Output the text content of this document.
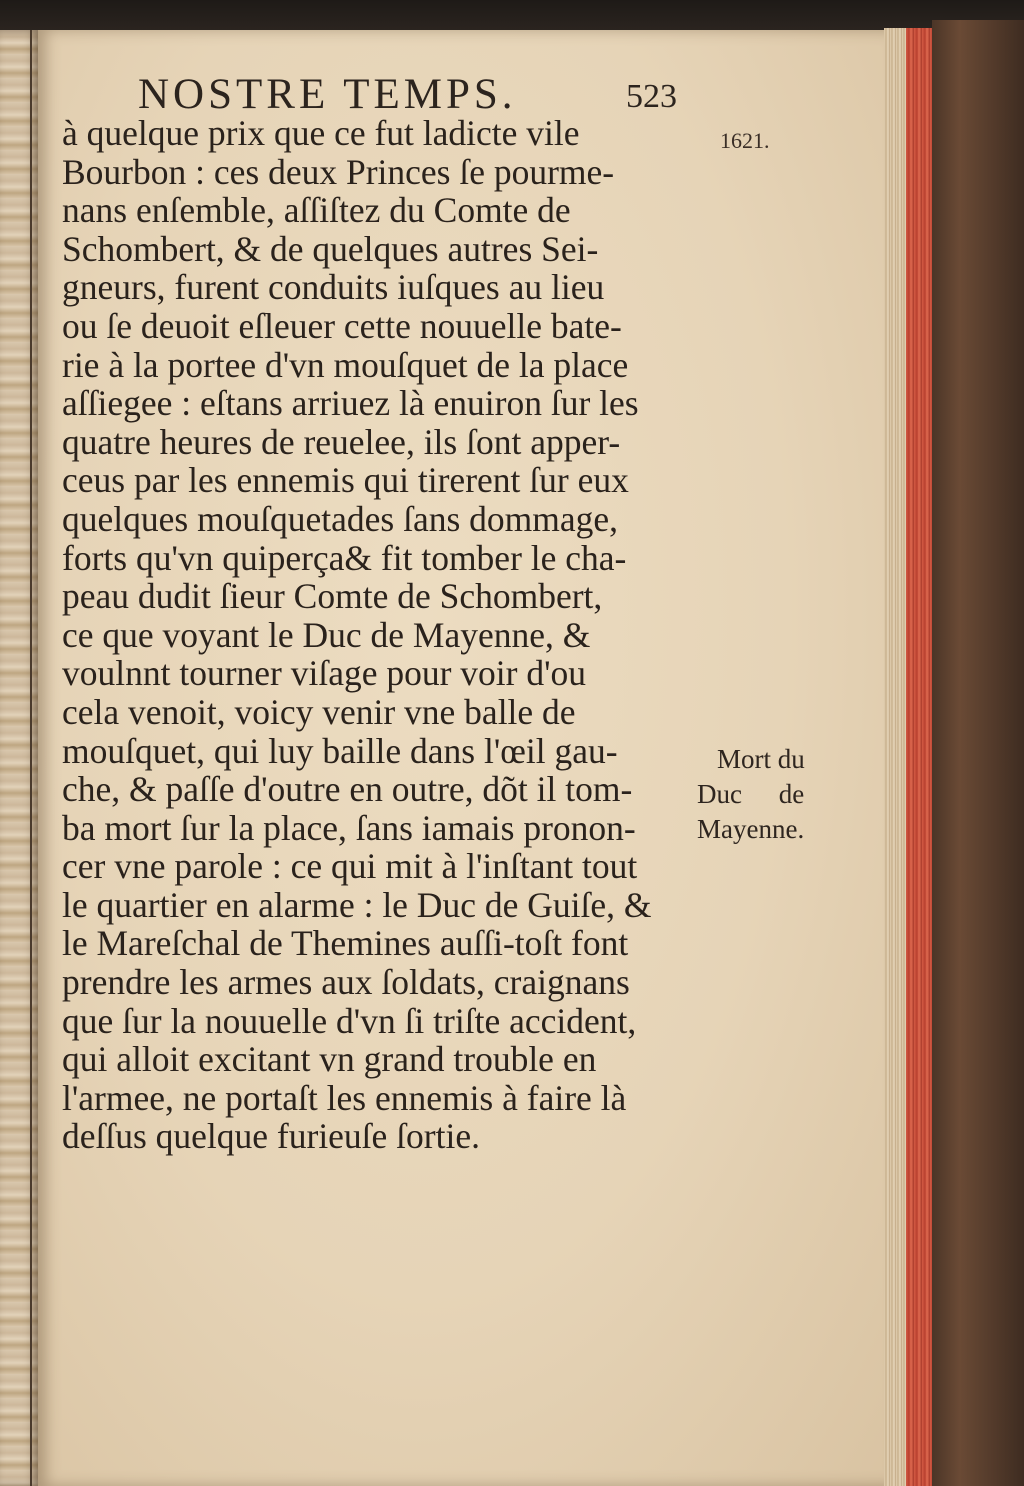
NOSTRE TEMPS.	523
1621.
à quelque prix que ce fut ladicte vile
Bourbon : ces deux Princes ſe pourme-
nans enſemble, aſſiſtez du Comte de
Schombert, & de quelques autres Sei-
gneurs, furent conduits iuſques au lieu
ou ſe deuoit eſleuer cette nouuelle bate-
rie à la portee d'vn mouſquet de la place
aſſiegee : eſtans arriuez là enuiron ſur les
quatre heures de reuelee, ils ſont apper-
ceus par les ennemis qui tirerent ſur eux
quelques mouſquetades ſans dommage,
forts qu'vn quiperça& fit tomber le cha-
peau dudit ſieur Comte de Schombert,
ce que voyant le Duc de Mayenne, &
voulnnt tourner viſage pour voir d'ou
cela venoit, voicy venir vne balle de
mouſquet, qui luy baille dans l'œil gau-
che, & paſſe d'outre en outre, dõt il tom-
ba mort ſur la place, ſans iamais pronon-
cer vne parole : ce qui mit à l'inſtant tout
le quartier en alarme : le Duc de Guiſe, &
le Mareſchal de Themines auſſi-toſt font
prendre les armes aux ſoldats, craignans
que ſur la nouuelle d'vn ſi triſte accident,
qui alloit excitant vn grand trouble en
l'armee, ne portaſt les ennemis à faire là
deſſus quelque furieuſe ſortie.
Mort du
Duc de
Mayenne.
